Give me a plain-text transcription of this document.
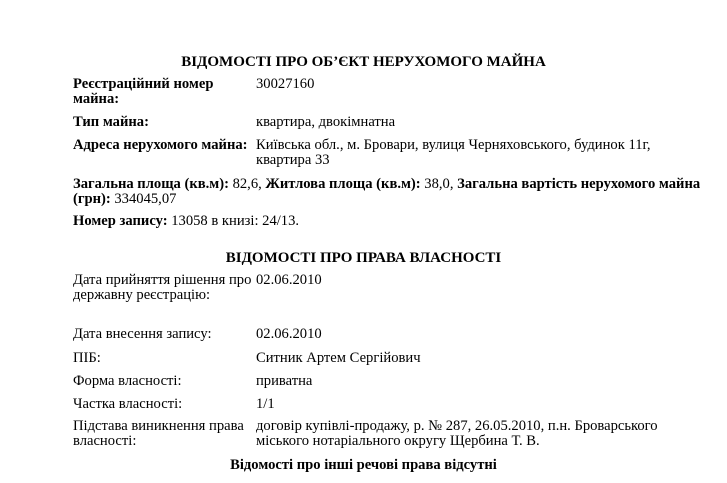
ВІДОМОСТІ ПРО ОБ’ЄКТ НЕРУХОМОГО МАЙНА
Реєстраційний номер майна:
30027160
Тип майна:	квартира, двокімнатна
Адреса нерухомого майна: Київська обл., м. Бровари, вулиця Черняховського, будинок 11г, квартира 33
Загальна площа (кв.м): 82,6, Житлова площа (кв.м): 38,0, Загальна вартість нерухомого майна (грн): 334045,07
Номер запису: 13058 в книзі: 24/13.
ВІДОМОСТІ ПРО ПРАВА ВЛАСНОСТІ
Дата прийняття рішення про державну реєстрацію:
02.06.2010
Дата внесення запису:	02.06.2010
ПІБ:	Ситник Артем Сергійович
Форма власності:	приватна
Частка власності:	1/1
Підстава виникнення права власності:
договір купівлі-продажу, р. № 287, 26.05.2010, п.н. Броварського міського нотаріального округу Щербина Т. В.
Відомості про інші речові права відсутні
